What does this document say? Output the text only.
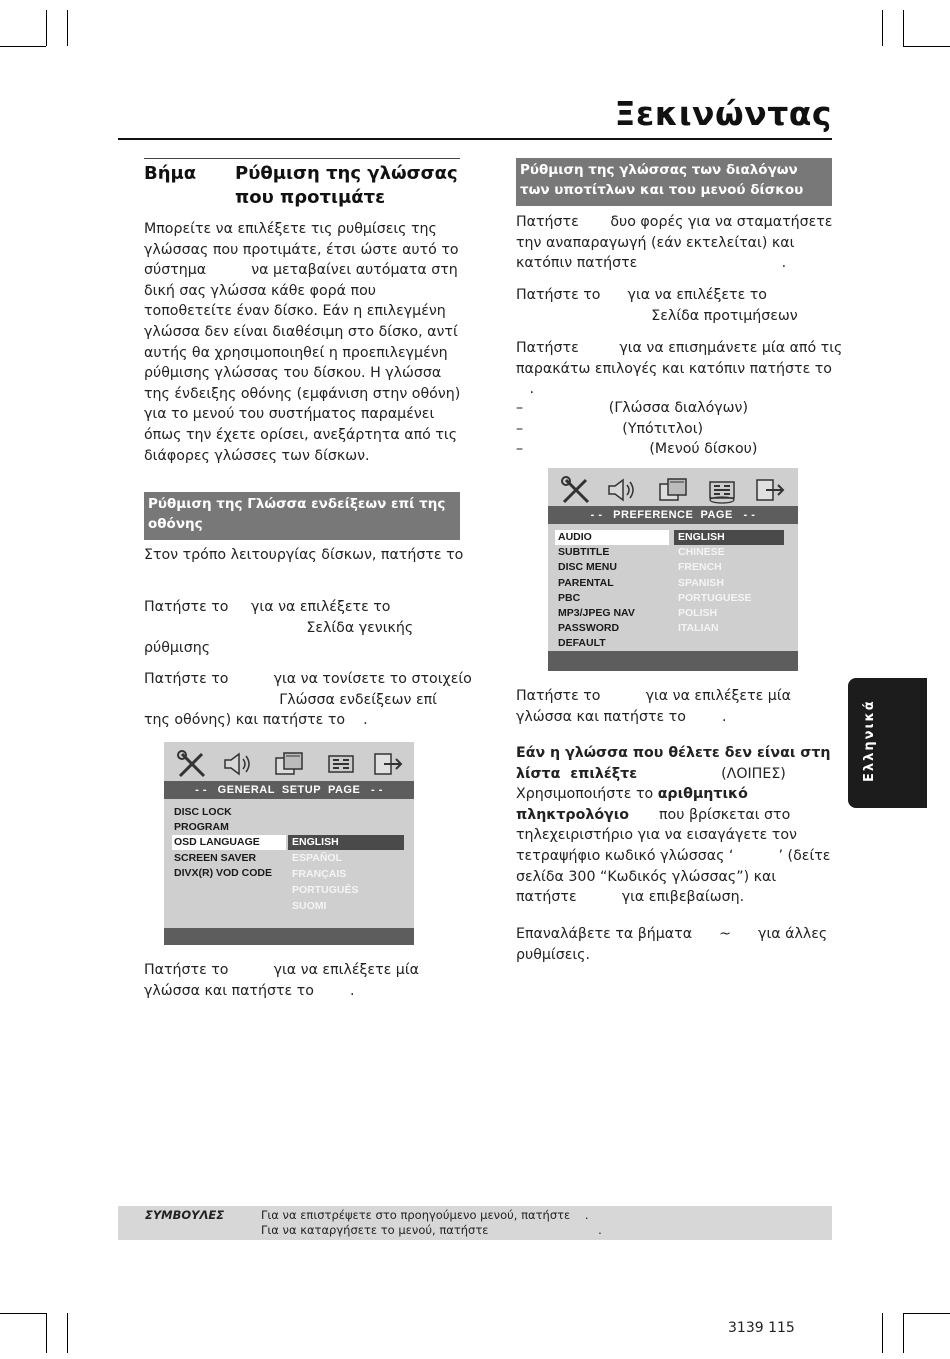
Ξεκινώντας
Βήμα Ρύθμιση της γλώσσας
που προτιμάτε

Μπορείτε να επιλέξετε τις ρυθμίσεις της
γλώσσας που προτιμάτε, έτσι ώστε αυτό το
σύστημα          να μεταβαίνει αυτόματα στη
δική σας γλώσσα κάθε φορά που
τοποθετείτε έναν δίσκο. Εάν η επιλεγμένη
γλώσσα δεν είναι διαθέσιμη στο δίσκο, αντί
αυτής θα χρησιμοποιηθεί η προεπιλεγμένη
ρύθμισης γλώσσας του δίσκου. Η γλώσσα
της ένδειξης οθόνης (εμφάνιση στην οθόνη)
για το μενού του συστήματος παραμένει
όπως την έχετε ορίσει, ανεξάρτητα από τις
διάφορες γλώσσες των δίσκων.

Ρύθμιση της Γλώσσα ενδείξεων επί της
οθόνης

Στον τρόπο λειτουργίας δίσκων, πατήστε το

Πατήστε το     για να επιλέξετε το
Σελίδα γενικής
ρύθμισης

Πατήστε το          για να τονίσετε το στοιχείο
Γλώσσα ενδείξεων επί
της οθόνης) και πατήστε το    .

- -   GENERAL  SETUP  PAGE   - -
DISC LOCK
PROGRAM
OSD LANGUAGE
SCREEN SAVER
DIVX(R) VOD CODE
ENGLISH
ESPAÑOL
FRANÇAIS
PORTUGUÊS
SUOMI

Πατήστε το          για να επιλέξετε μία
γλώσσα και πατήστε το        .

Ρύθμιση της γλώσσας των διαλόγων
των υποτίτλων και του μενού δίσκου

Πατήστε       δυο φορές για να σταματήσετε
την αναπαραγωγή (εάν εκτελείται) και
κατόπιν πατήστε                                .

Πατήστε το      για να επιλέξετε το
Σελίδα προτιμήσεων

Πατήστε         για να επισημάνετε μία από τις
παρακάτω επιλογές και κατόπιν πατήστε το
.

–                   (Γλώσσα διαλόγων)

–                      (Υπότιτλοι)

–                            (Μενού δίσκου)

- -   PREFERENCE  PAGE   - -
AUDIO
SUBTITLE
DISC MENU
PARENTAL
PBC
MP3/JPEG NAV
PASSWORD
DEFAULT
ENGLISH
CHINESE
FRENCH
SPANISH
PORTUGUESE
POLISH
ITALIAN

Πατήστε το          για να επιλέξετε μία
γλώσσα και πατήστε το        .

Εάν η γλώσσα που θέλετε δεν είναι στη

λίστα  επιλέξτε	(ΛΟΙΠΕΣ)

Χρησιμοποιήστε το αριθμητικό

πληκτρολόγιο που βρίσκεται στο

τηλεχειριστήριο για να εισαγάγετε τον
τετραψήφιο κωδικό γλώσσας ‘          ’ (δείτε
σελίδα 300 “Κωδικός γλώσσας”) και
πατήστε          για επιβεβαίωση.

Επαναλάβετε τα βήματα      ~      για άλλες
ρυθμίσεις.

Ελληνικά
ΣΥΜΒΟΥΛΕΣ	Για να επιστρέψετε στο προηγούμενο μενού, πατήστε    .
Για να καταργήσετε το μενού, πατήστε                              .
3139 115
